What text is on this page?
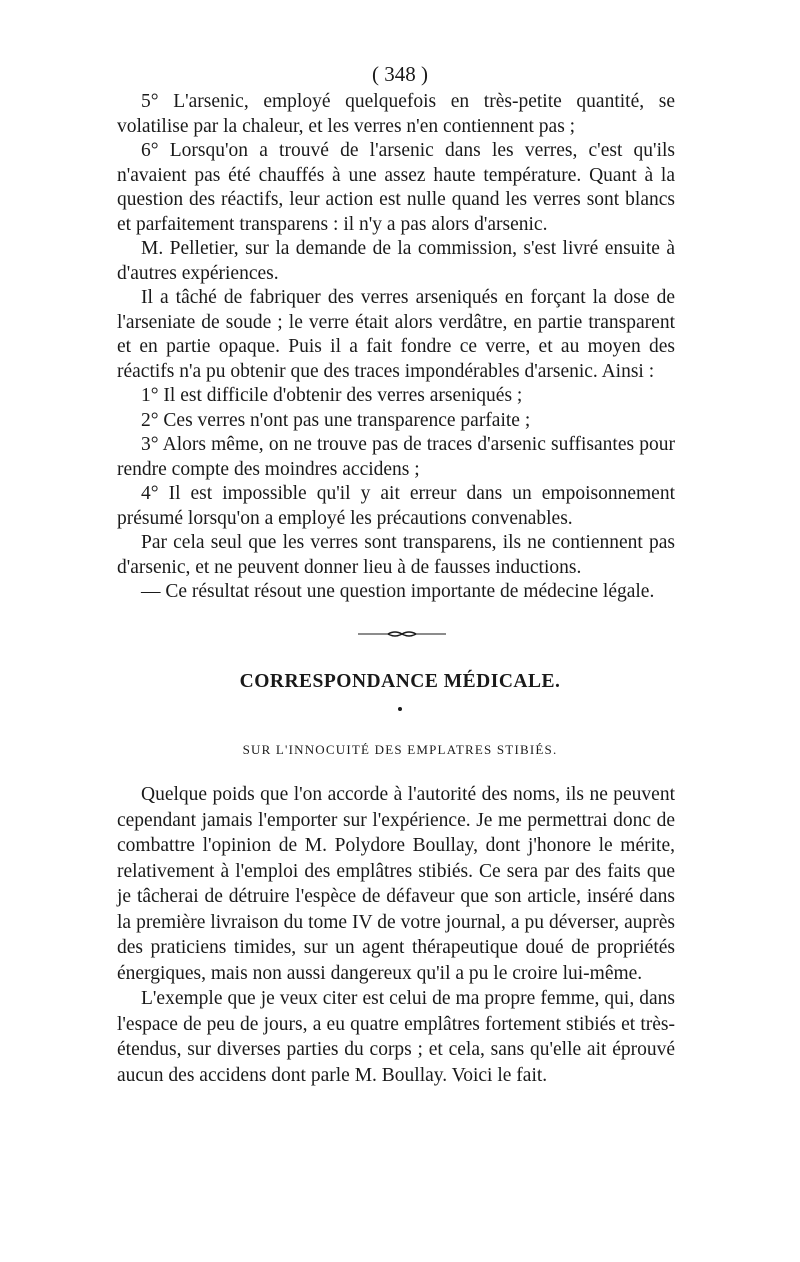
( 348 )

5° L'arsenic, employé quelquefois en très-petite quantité, se volatilise par la chaleur, et les verres n'en contiennent pas ;

6° Lorsqu'on a trouvé de l'arsenic dans les verres, c'est qu'ils n'avaient pas été chauffés à une assez haute température. Quant à la question des réactifs, leur action est nulle quand les verres sont blancs et parfaitement transparens : il n'y a pas alors d'arsenic.

M. Pelletier, sur la demande de la commission, s'est livré ensuite à d'autres expériences.

Il a tâché de fabriquer des verres arseniqués en forçant la dose de l'arseniate de soude ; le verre était alors verdâtre, en partie transparent et en partie opaque. Puis il a fait fondre ce verre, et au moyen des réactifs n'a pu obtenir que des traces impondérables d'arsenic. Ainsi :

1° Il est difficile d'obtenir des verres arseniqués ;

2° Ces verres n'ont pas une transparence parfaite ;

3° Alors même, on ne trouve pas de traces d'arsenic suffisantes pour rendre compte des moindres accidens ;

4° Il est impossible qu'il y ait erreur dans un empoisonnement présumé lorsqu'on a employé les précautions convenables.

Par cela seul que les verres sont transparens, ils ne contiennent pas d'arsenic, et ne peuvent donner lieu à de fausses inductions.

— Ce résultat résout une question importante de médecine légale.

CORRESPONDANCE MÉDICALE.
SUR L'INNOCUITÉ DES EMPLATRES STIBIÉS.

Quelque poids que l'on accorde à l'autorité des noms, ils ne peuvent cependant jamais l'emporter sur l'expérience. Je me permettrai donc de combattre l'opinion de M. Polydore Boullay, dont j'honore le mérite, relativement à l'emploi des emplâtres stibiés. Ce sera par des faits que je tâcherai de détruire l'espèce de défaveur que son article, inséré dans la première livraison du tome IV de votre journal, a pu déverser, auprès des praticiens timides, sur un agent thérapeutique doué de propriétés énergiques, mais non aussi dangereux qu'il a pu le croire lui-même.

L'exemple que je veux citer est celui de ma propre femme, qui, dans l'espace de peu de jours, a eu quatre emplâtres fortement stibiés et très-étendus, sur diverses parties du corps ; et cela, sans qu'elle ait éprouvé aucun des accidens dont parle M. Boullay. Voici le fait.
